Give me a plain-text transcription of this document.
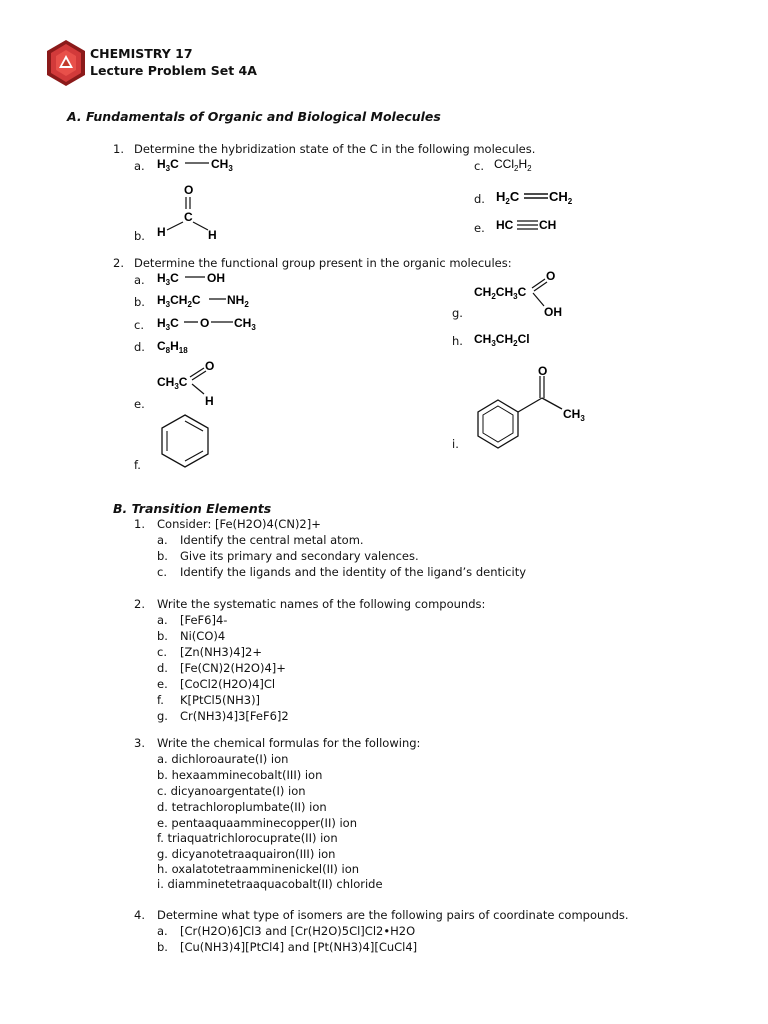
CHEMISTRY 17
Lecture Problem Set 4A
A. Fundamentals of Organic and Biological Molecules
1. Determine the hybridization state of the C in the following molecules.
a. $H_3C$	$CH_3$	c. $CCl_2H_2$
O
C
H	H
b.
d. $H_2C$ $CH_2$
e. HC CH
2. Determine the functional group present in the organic molecules:
a. $H_3C$ OH
$CH_2CH_3C$
O
OH
g.
b. $H_3CH_2C$ $NH_2$
c. $H_3C$ O $CH_3$
h. $CH_3CH_2Cl$
d. $C_8H_{18}$
$CH_3C$
O
H
e.
O
$CH_3$
i.
f.
B. Transition Elements
1. Consider: [Fe(H2O)4(CN)2]+
a. Identify the central metal atom.
b. Give its primary and secondary valences.
c. Identify the ligands and the identity of the ligand’s denticity
2. Write the systematic names of the following compounds:
a. [FeF6]4-
b. Ni(CO)4
c. [Zn(NH3)4]2+
d. [Fe(CN)2(H2O)4]+
e. [CoCl2(H2O)4]Cl
f. K[PtCl5(NH3)]
g. Cr(NH3)4]3[FeF6]2
3. Write the chemical formulas for the following:
a. dichloroaurate(I) ion
b. hexaamminecobalt(III) ion
c. dicyanoargentate(I) ion
d. tetrachloroplumbate(II) ion
e. pentaaquaamminecopper(II) ion
f. triaquatrichlorocuprate(II) ion
g. dicyanotetraaquairon(III) ion
h. oxalatotetraamminenickel(II) ion
i. diamminetetraaquacobalt(II) chloride
4. Determine what type of isomers are the following pairs of coordinate compounds.
a. [Cr(H2O)6]Cl3 and [Cr(H2O)5Cl]Cl2•H2O
b. [Cu(NH3)4][PtCl4] and [Pt(NH3)4][CuCl4]
